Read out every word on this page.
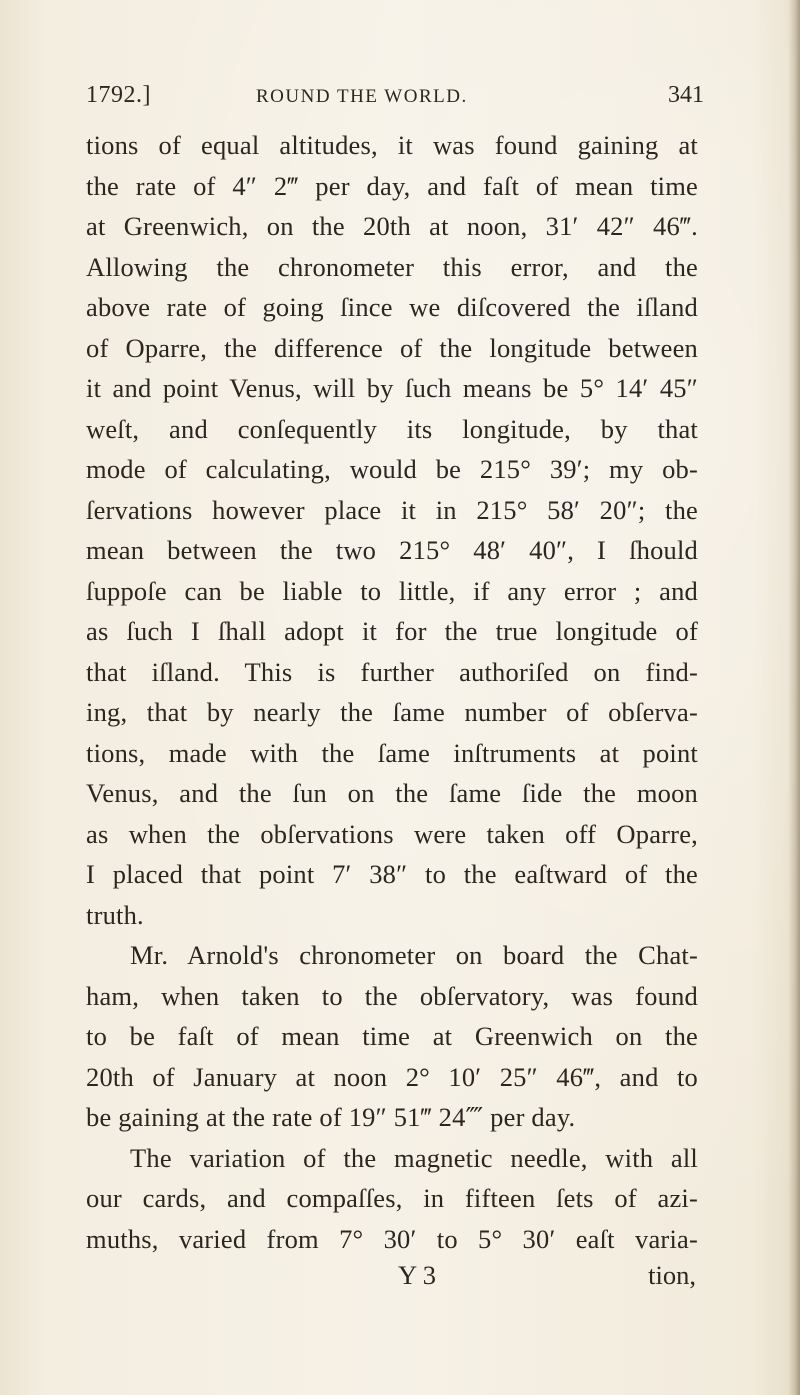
1792.]	ROUND THE WORLD.	341
tions of equal altitudes, it was found gaining at
the rate of 4″ 2‴ per day, and faſt of mean time
at Greenwich, on the 20th at noon, 31′ 42″ 46‴.
Allowing the chronometer this error, and the
above rate of going ſince we diſcovered the iſland
of Oparre, the difference of the longitude between
it and point Venus, will by ſuch means be 5° 14′ 45″
weſt, and conſequently its longitude, by that
mode of calculating, would be 215° 39′; my ob-
ſervations however place it in 215° 58′ 20″; the
mean between the two 215° 48′ 40″, I ſhould
ſuppoſe can be liable to little, if any error ; and
as ſuch I ſhall adopt it for the true longitude of
that iſland. This is further authoriſed on find-
ing, that by nearly the ſame number of obſerva-
tions, made with the ſame inſtruments at point
Venus, and the ſun on the ſame ſide the moon
as when the obſervations were taken off Oparre,
I placed that point 7′ 38″ to the eaſtward of the
truth.
Mr. Arnold's chronometer on board the Chat-
ham, when taken to the obſervatory, was found
to be faſt of mean time at Greenwich on the
20th of January at noon 2° 10′ 25″ 46‴, and to
be gaining at the rate of 19″ 51‴ 24⁗ per day.
The variation of the magnetic needle, with all
our cards, and compaſſes, in fifteen ſets of azi-
muths, varied from 7° 30′ to 5° 30′ eaſt varia-
Y 3	tion,
